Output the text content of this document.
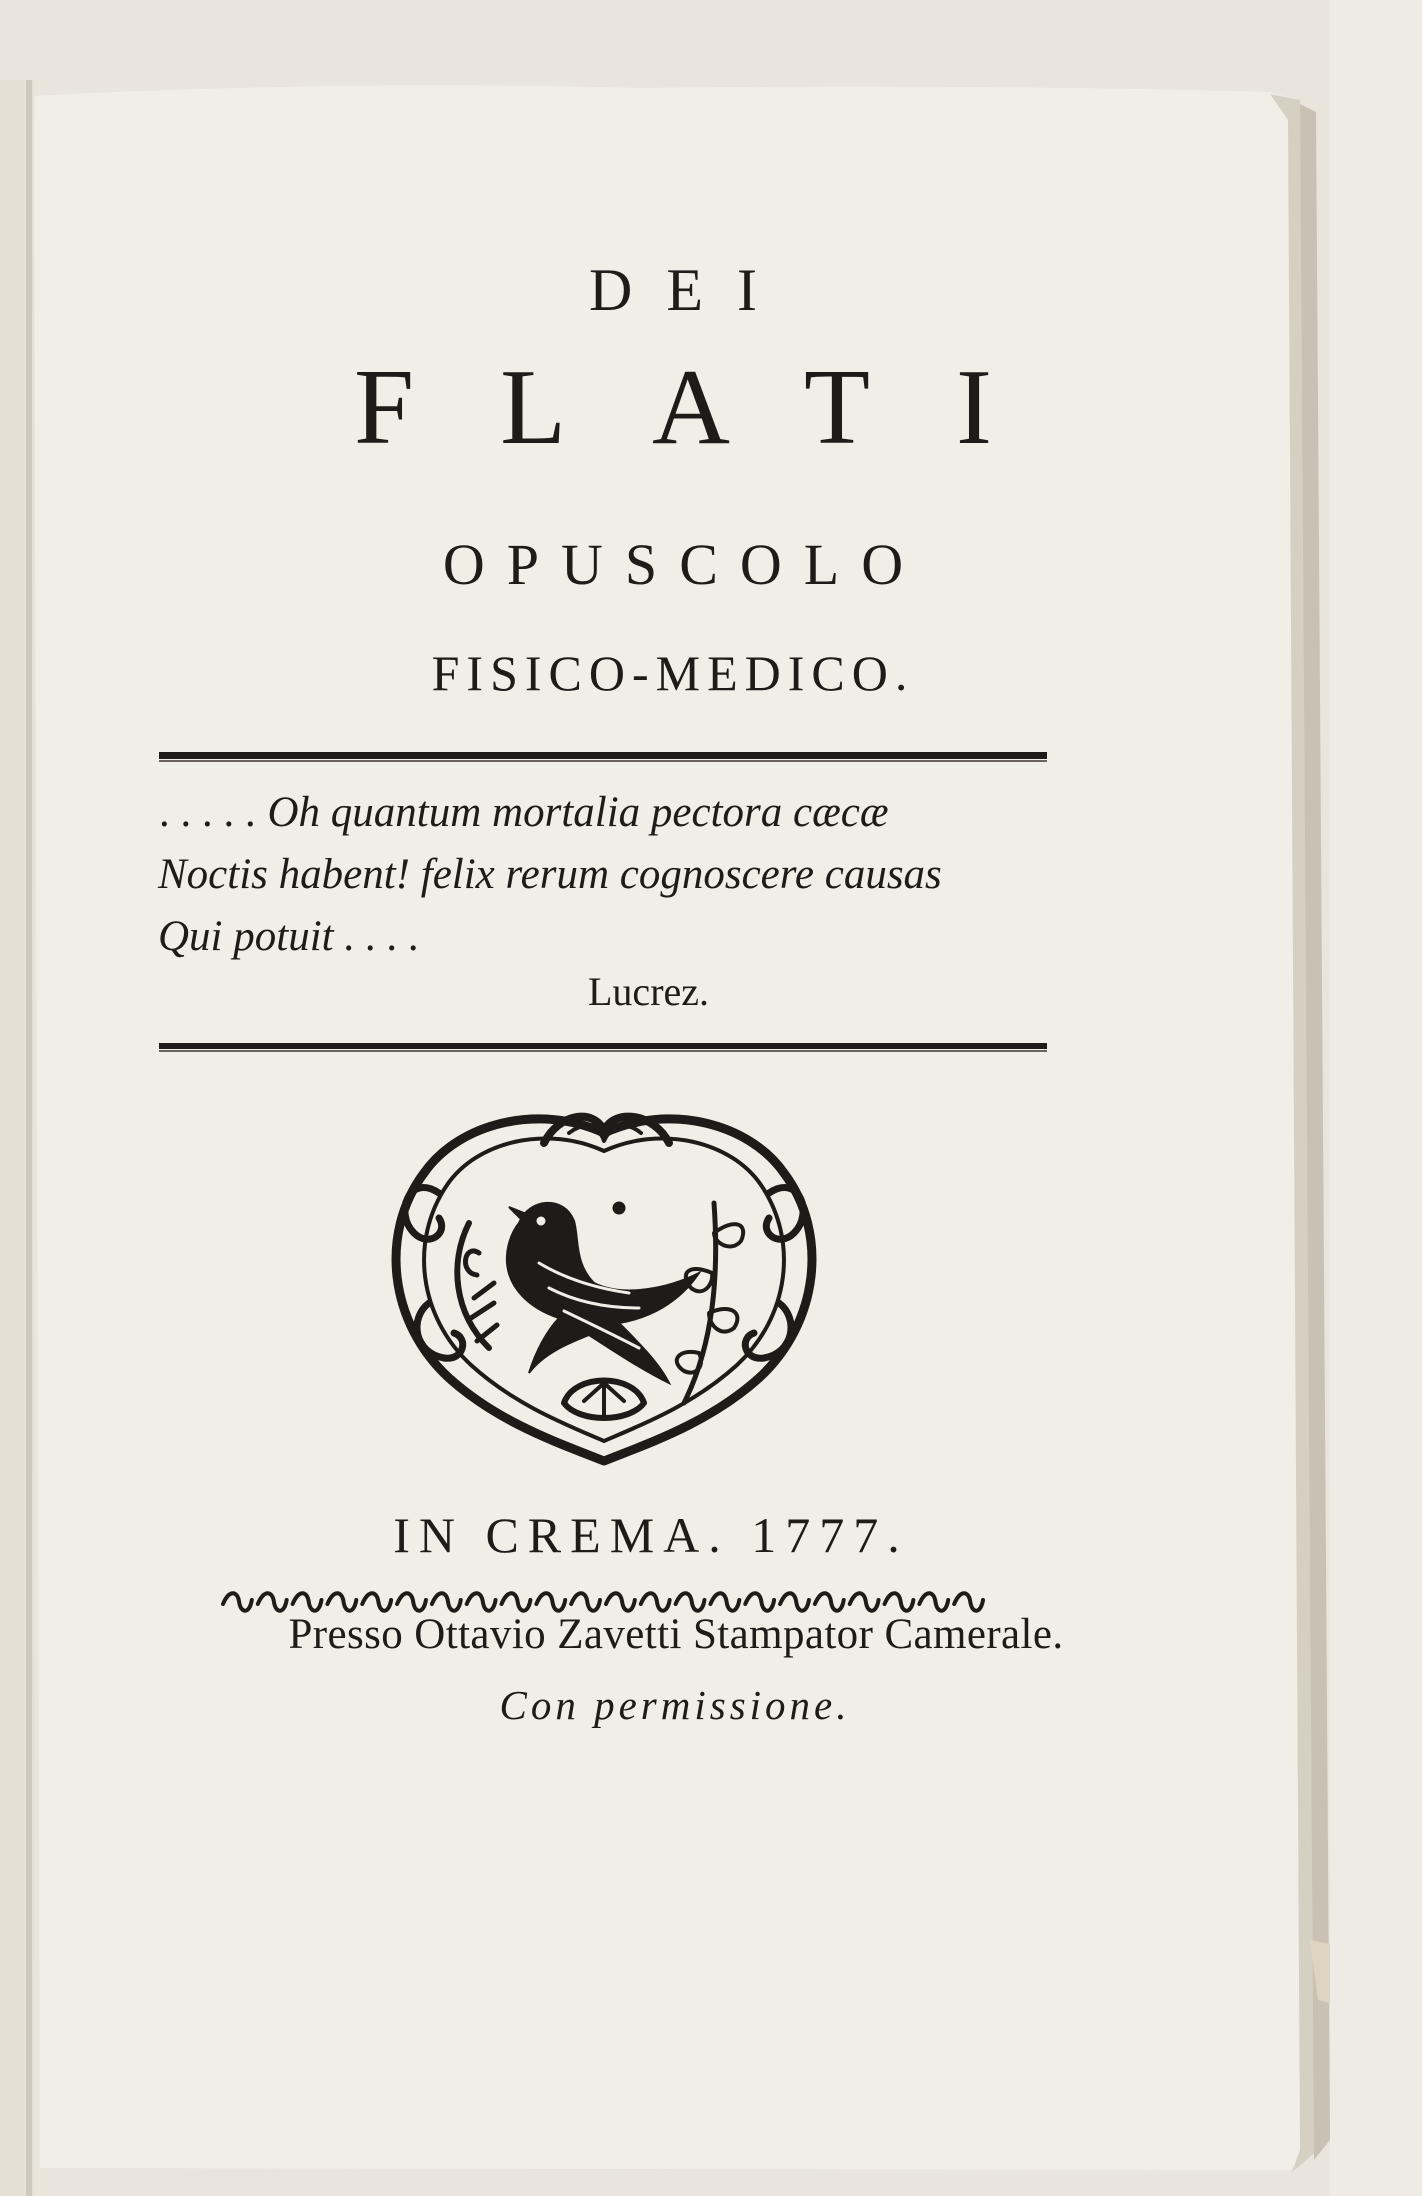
DEI
FLATI
OPUSCOLO
FISICO-MEDICO.
. . . . . Oh quantum mortalia pectora cæcæ
Noctis habent! felix rerum cognoscere causas
Qui potuit . . . .
Lucrez.
IN CREMA. 1777.
Presso Ottavio Zavetti Stampator Camerale.
Con permissione.
